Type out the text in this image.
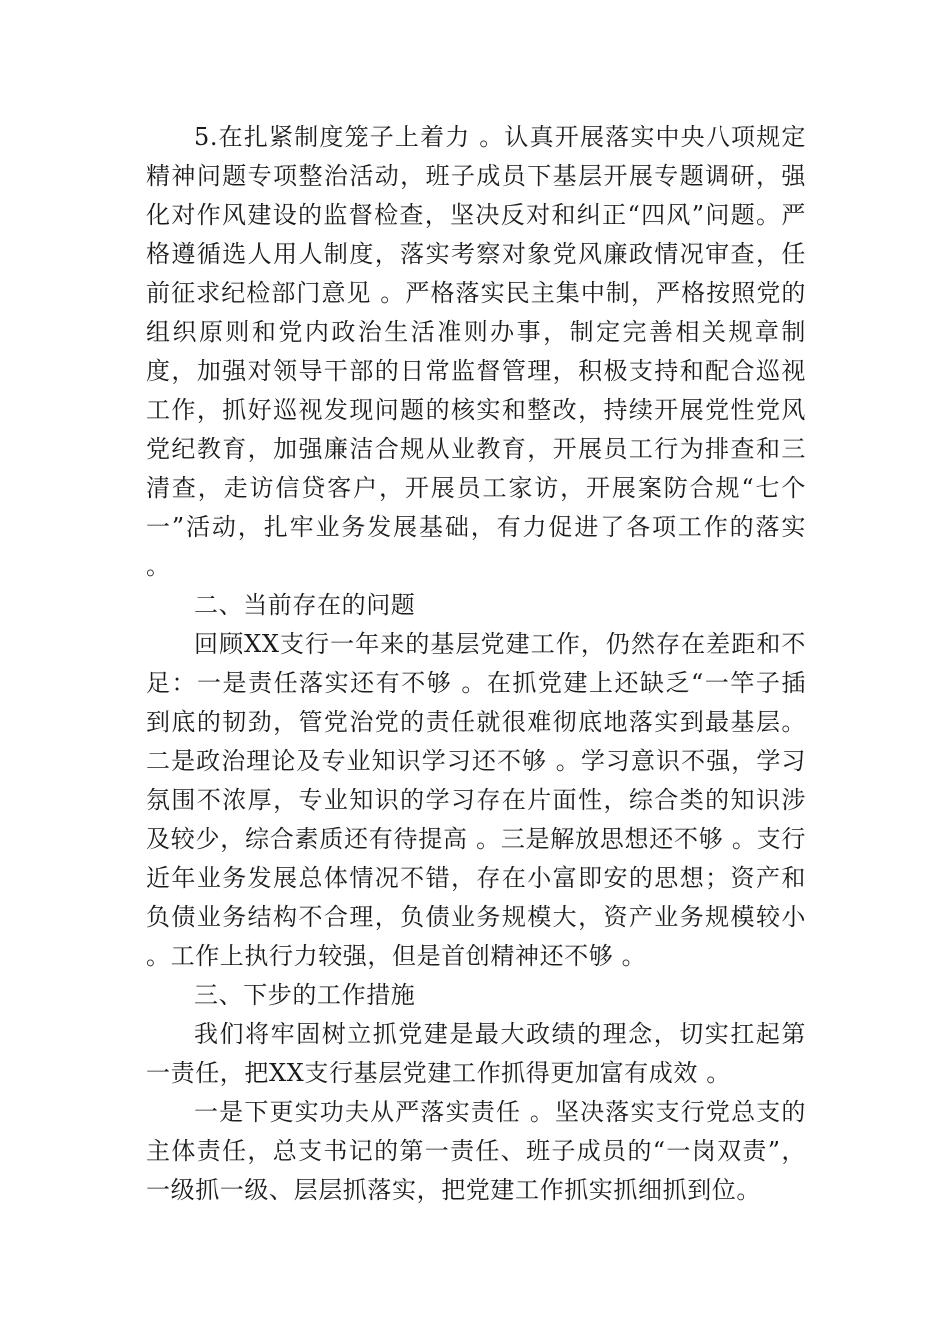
5.在扎紧制度笼子上着力 。认真开展落实中央八项规定精神问题专项整治活动，班子成员下基层开展专题调研，强化对作风建设的监督检查，坚决反对和纠正“四风”问题。严格遵循选人用人制度，落实考察对象党风廉政情况审查，任前征求纪检部门意见 。严格落实民主集中制，严格按照党的组织原则和党内政治生活准则办事，制定完善相关规章制度，加强对领导干部的日常监督管理，积极支持和配合巡视工作，抓好巡视发现问题的核实和整改，持续开展党性党风党纪教育，加强廉洁合规从业教育，开展员工行为排查和三清查，走访信贷客户，开展员工家访，开展案防合规“七个一”活动，扎牢业务发展基础，有力促进了各项工作的落实 。

二、当前存在的问题

回顾XX支行一年来的基层党建工作，仍然存在差距和不足：一是责任落实还有不够 。在抓党建上还缺乏“一竿子插到底的韧劲，管党治党的责任就很难彻底地落实到最基层。二是政治理论及专业知识学习还不够 。学习意识不强，学习氛围不浓厚，专业知识的学习存在片面性，综合类的知识涉及较少，综合素质还有待提高 。三是解放思想还不够 。支行近年业务发展总体情况不错，存在小富即安的思想；资产和负债业务结构不合理，负债业务规模大，资产业务规模较小 。工作上执行力较强，但是首创精神还不够 。

三、下步的工作措施

我们将牢固树立抓党建是最大政绩的理念，切实扛起第一责任，把XX支行基层党建工作抓得更加富有成效 。

一是下更实功夫从严落实责任 。坚决落实支行党总支的主体责任，总支书记的第一责任、班子成员的“一岗双责”，一级抓一级、层层抓落实，把党建工作抓实抓细抓到位。
